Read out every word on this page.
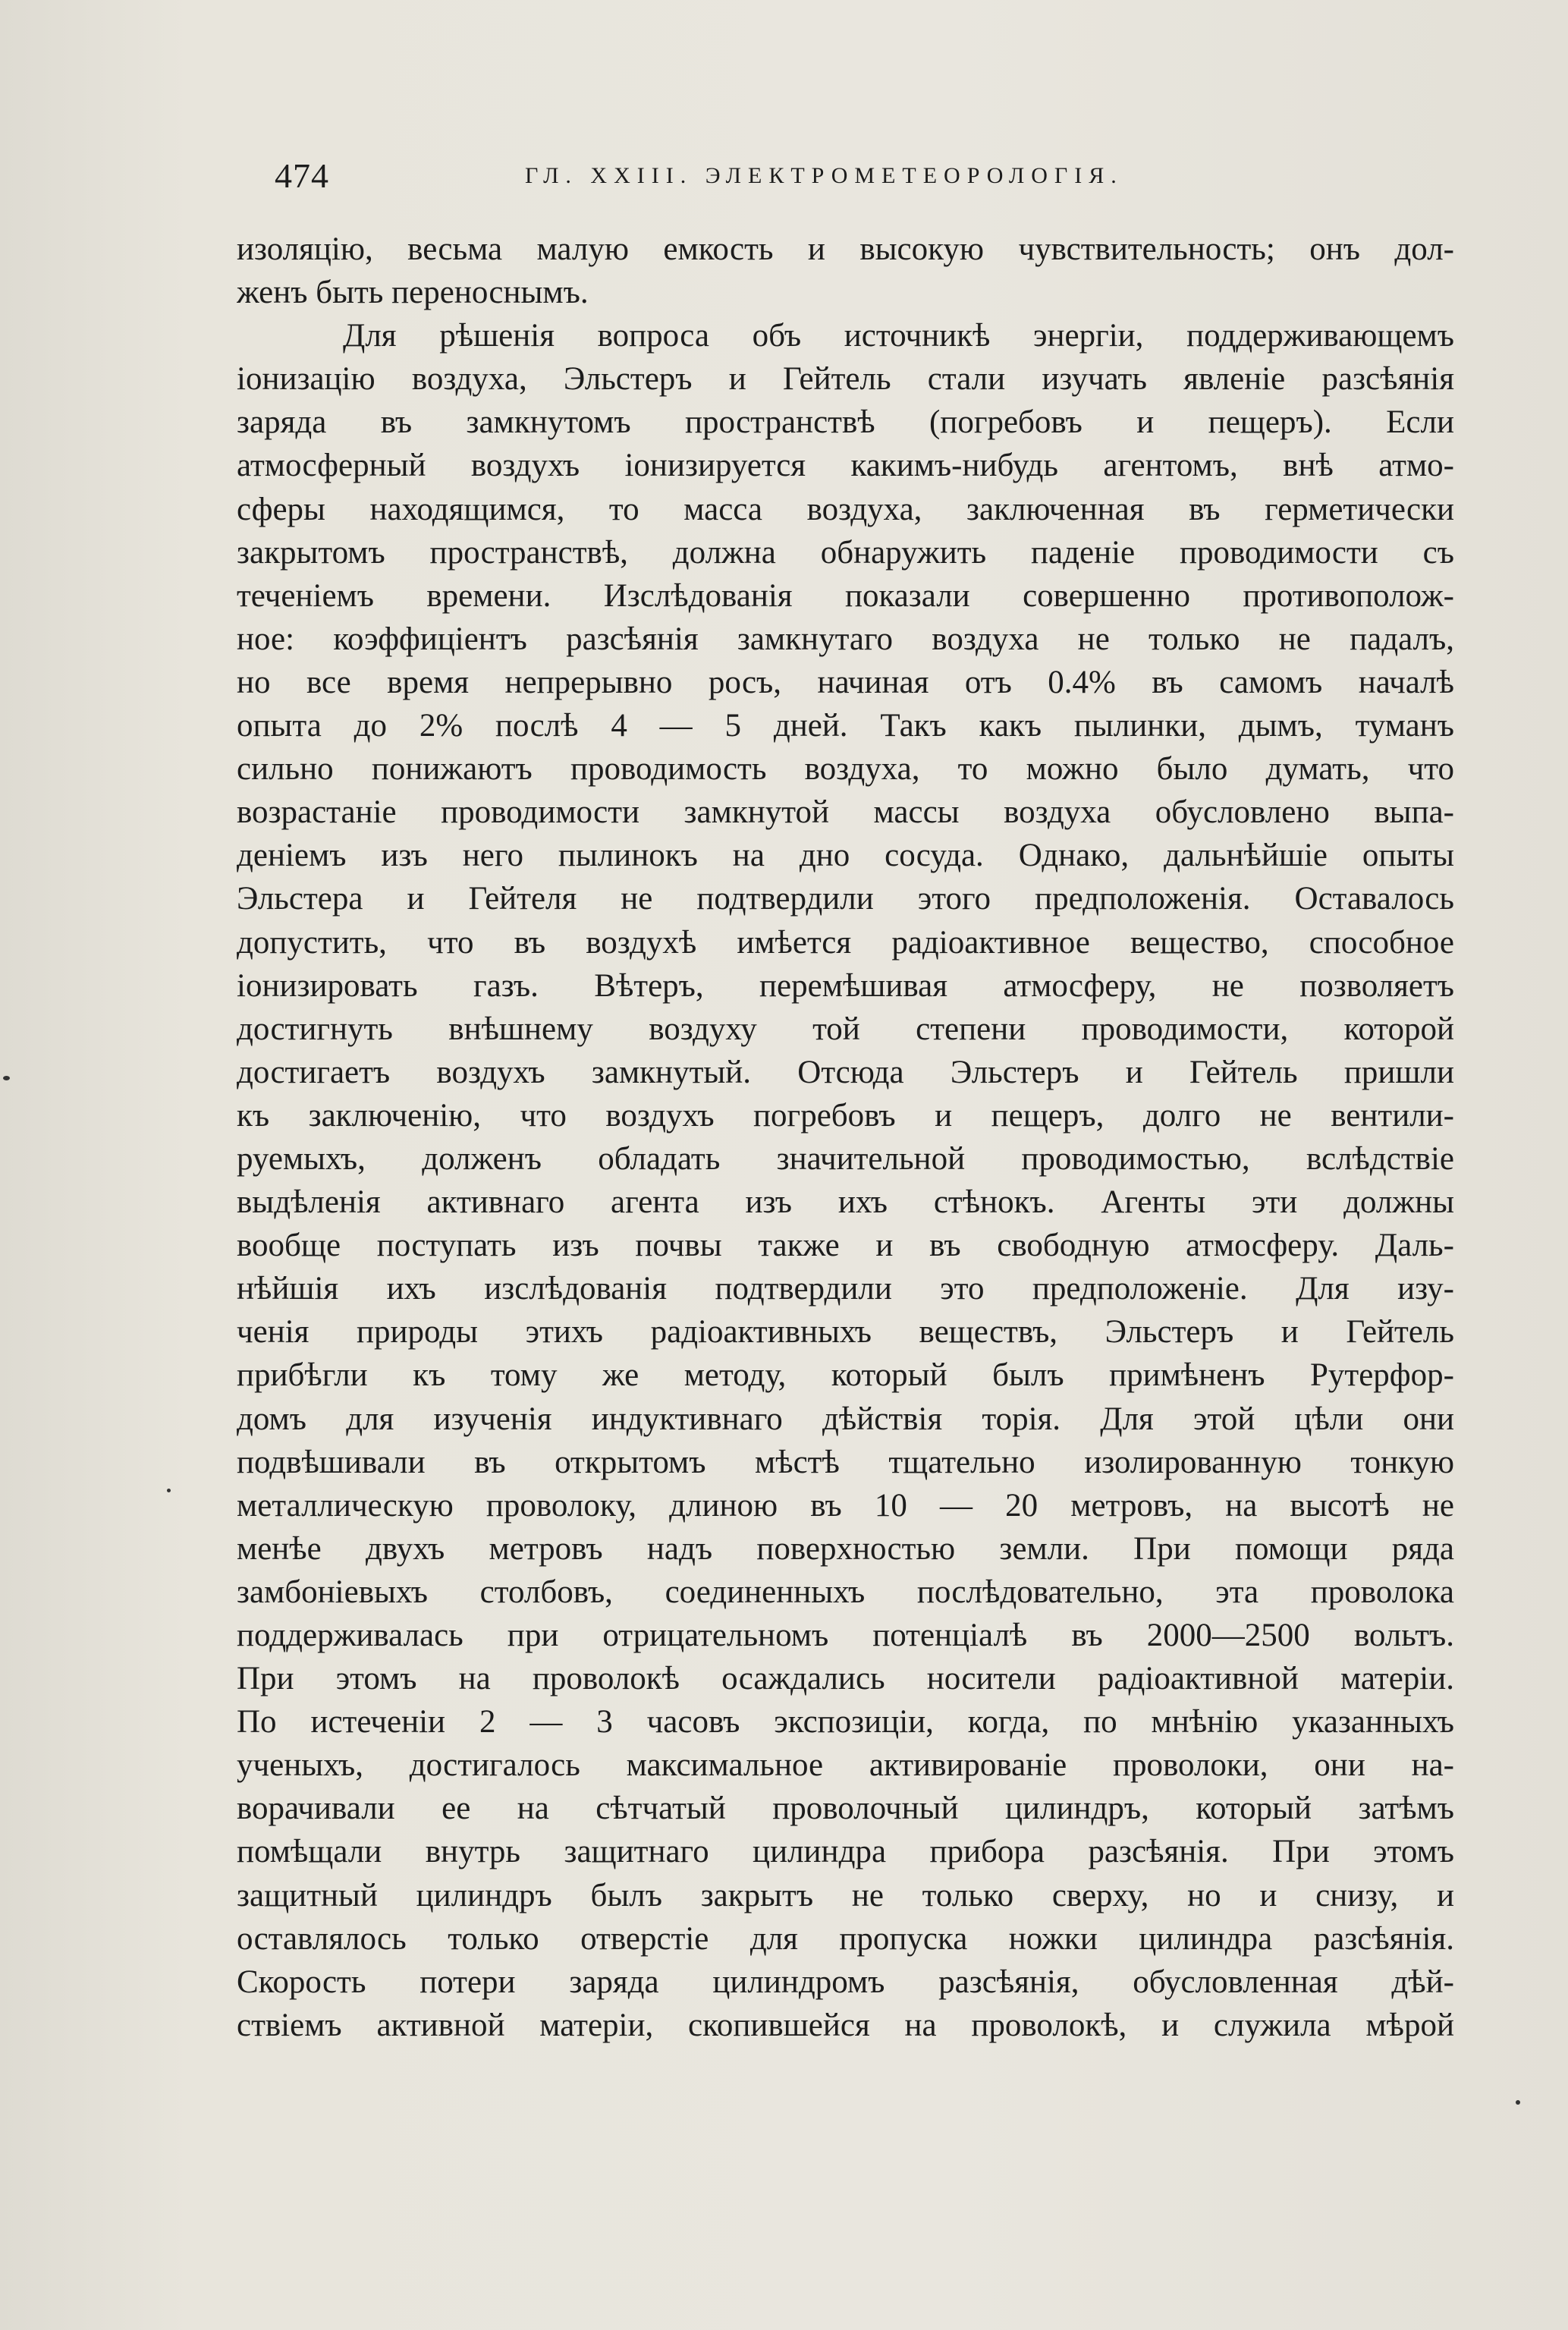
474	ГЛ. XXIII. ЭЛЕКТРОМЕТЕОРОЛОГІЯ.
изоляцію, весьма малую емкость и высокую чувствительность; онъ дол-
женъ быть переноснымъ.
Для рѣшенія вопроса объ источникѣ энергіи, поддерживающемъ
іонизацію воздуха, Эльстеръ и Гейтель стали изучать явленіе разсѣянія
заряда въ замкнутомъ пространствѣ (погребовъ и пещеръ). Если
атмосферный воздухъ іонизируется какимъ-нибудь агентомъ, внѣ атмо-
сферы находящимся, то масса воздуха, заключенная въ герметически
закрытомъ пространствѣ, должна обнаружить паденіе проводимости съ
теченіемъ времени. Изслѣдованія показали совершенно противополож-
ное: коэффиціентъ разсѣянія замкнутаго воздуха не только не падалъ,
но все время непрерывно росъ, начиная отъ 0.4% въ самомъ началѣ
опыта до 2% послѣ 4 — 5 дней. Такъ какъ пылинки, дымъ, туманъ
сильно понижаютъ проводимость воздуха, то можно было думать, что
возрастаніе проводимости замкнутой массы воздуха обусловлено выпа-
деніемъ изъ него пылинокъ на дно сосуда. Однако, дальнѣйшіе опыты
Эльстера и Гейтеля не подтвердили этого предположенія. Оставалось
допустить, что въ воздухѣ имѣется радіоактивное вещество, способное
іонизировать газъ. Вѣтеръ, перемѣшивая атмосферу, не позволяетъ
достигнуть внѣшнему воздуху той степени проводимости, которой
достигаетъ воздухъ замкнутый. Отсюда Эльстеръ и Гейтель пришли
къ заключенію, что воздухъ погребовъ и пещеръ, долго не вентили-
руемыхъ, долженъ обладать значительной проводимостью, вслѣдствіе
выдѣленія активнаго агента изъ ихъ стѣнокъ. Агенты эти должны
вообще поступать изъ почвы также и въ свободную атмосферу. Даль-
нѣйшія ихъ изслѣдованія подтвердили это предположеніе. Для изу-
ченія природы этихъ радіоактивныхъ веществъ, Эльстеръ и Гейтель
прибѣгли къ тому же методу, который былъ примѣненъ Рутерфор-
домъ для изученія индуктивнаго дѣйствія торія. Для этой цѣли они
подвѣшивали въ открытомъ мѣстѣ тщательно изолированную тонкую
металлическую проволоку, длиною въ 10 — 20 метровъ, на высотѣ не
менѣе двухъ метровъ надъ поверхностью земли. При помощи ряда
замбоніевыхъ столбовъ, соединенныхъ послѣдовательно, эта проволока
поддерживалась при отрицательномъ потенціалѣ въ 2000—2500 вольтъ.
При этомъ на проволокѣ осаждались носители радіоактивной матеріи.
По истеченіи 2 — 3 часовъ экспозиціи, когда, по мнѣнію указанныхъ
ученыхъ, достигалось максимальное активированіе проволоки, они на-
ворачивали ее на сѣтчатый проволочный цилиндръ, который затѣмъ
помѣщали внутрь защитнаго цилиндра прибора разсѣянія. При этомъ
защитный цилиндръ былъ закрытъ не только сверху, но и снизу, и
оставлялось только отверстіе для пропуска ножки цилиндра разсѣянія.
Скорость потери заряда цилиндромъ разсѣянія, обусловленная дѣй-
ствіемъ активной матеріи, скопившейся на проволокѣ, и служила мѣрой
